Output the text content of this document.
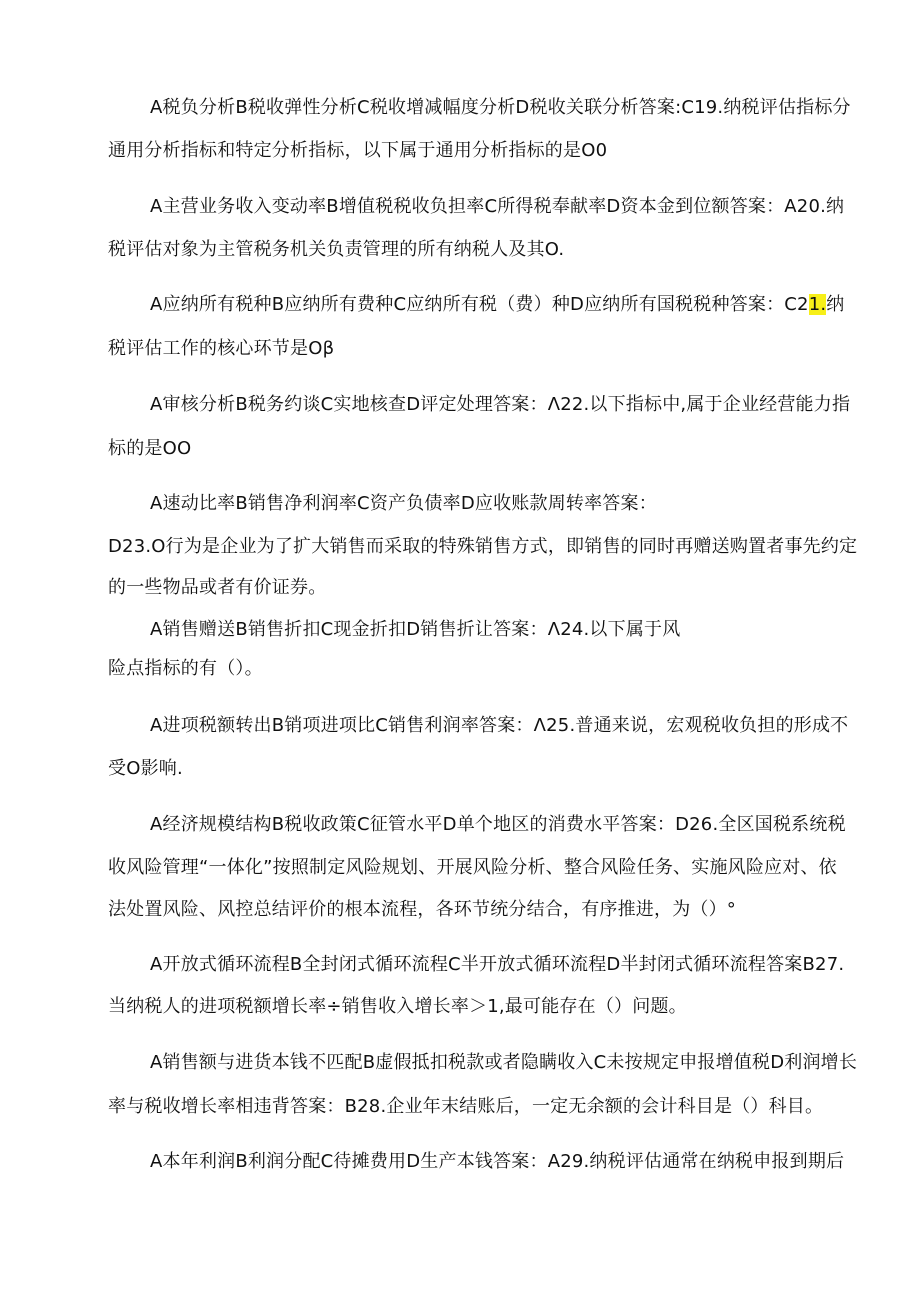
A税负分析B税收弹性分析C税收增减幅度分析D税收关联分析答案:C19.纳税评估指标分
通用分析指标和特定分析指标，以下属于通用分析指标的是O0
A主营业务收入变动率B增值税税收负担率C所得税奉献率D资本金到位额答案：A20.纳
税评估对象为主管税务机关负责管理的所有纳税人及其O.
A应纳所有税种B应纳所有费种C应纳所有税（费）种D应纳所有国税税种答案：C21.纳
税评估工作的核心环节是Oβ
A审核分析B税务约谈C实地核查D评定处理答案：Λ22.以下指标中,属于企业经营能力指
标的是OO
A速动比率B销售净利润率C资产负债率D应收账款周转率答案：
D23.O行为是企业为了扩大销售而采取的特殊销售方式，即销售的同时再赠送购置者事先约定
的一些物品或者有价证券。
A销售赠送B销售折扣C现金折扣D销售折让答案：Λ24.以下属于风
险点指标的有（）。
A进项税额转出B销项进项比C销售利润率答案：Λ25.普通来说，宏观税收负担的形成不
受O影响.
A经济规模结构B税收政策C征管水平D单个地区的消费水平答案：D26.全区国税系统税
收风险管理“一体化”按照制定风险规划、开展风险分析、整合风险任务、实施风险应对、依
法处置风险、风控总结评价的根本流程，各环节统分结合，有序推进，为（）°
A开放式循环流程B全封闭式循环流程C半开放式循环流程D半封闭式循环流程答案B27.
当纳税人的进项税额增长率÷销售收入增长率＞1,最可能存在（）问题。
A销售额与进货本钱不匹配B虚假抵扣税款或者隐瞒收入C未按规定申报增值税D利润增长
率与税收增长率相违背答案：B28.企业年末结账后，一定无余额的会计科目是（）科目。
A本年利润B利润分配C待摊费用D生产本钱答案：A29.纳税评估通常在纳税申报到期后
